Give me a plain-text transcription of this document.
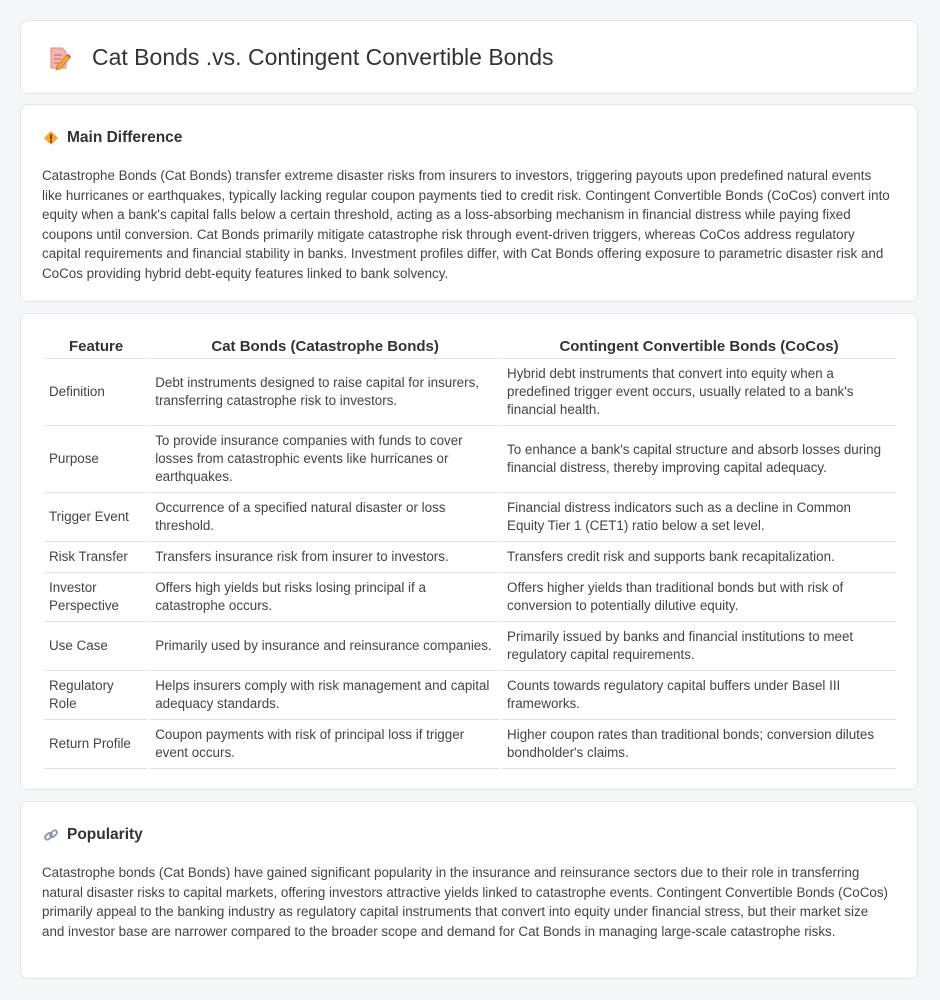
Cat Bonds .vs. Contingent Convertible Bonds
Main Difference

Catastrophe Bonds (Cat Bonds) transfer extreme disaster risks from insurers to investors, triggering payouts upon predefined natural events like hurricanes or earthquakes, typically lacking regular coupon payments tied to credit risk. Contingent Convertible Bonds (CoCos) convert into equity when a bank's capital falls below a certain threshold, acting as a loss-absorbing mechanism in financial distress while paying fixed coupons until conversion. Cat Bonds primarily mitigate catastrophe risk through event-driven triggers, whereas CoCos address regulatory capital requirements and financial stability in banks. Investment profiles differ, with Cat Bonds offering exposure to parametric disaster risk and CoCos providing hybrid debt-equity features linked to bank solvency.

Feature	Cat Bonds (Catastrophe Bonds)	Contingent Convertible Bonds (CoCos)
Definition	Debt instruments designed to raise capital for insurers, transferring catastrophe risk to investors.	Hybrid debt instruments that convert into equity when a predefined trigger event occurs, usually related to a bank's financial health.
Purpose	To provide insurance companies with funds to cover losses from catastrophic events like hurricanes or earthquakes.	To enhance a bank's capital structure and absorb losses during financial distress, thereby improving capital adequacy.
Trigger Event	Occurrence of a specified natural disaster or loss threshold.	Financial distress indicators such as a decline in Common Equity Tier 1 (CET1) ratio below a set level.
Risk Transfer	Transfers insurance risk from insurer to investors.	Transfers credit risk and supports bank recapitalization.
Investor Perspective	Offers high yields but risks losing principal if a catastrophe occurs.	Offers higher yields than traditional bonds but with risk of conversion to potentially dilutive equity.
Use Case	Primarily used by insurance and reinsurance companies.	Primarily issued by banks and financial institutions to meet regulatory capital requirements.
Regulatory Role	Helps insurers comply with risk management and capital adequacy standards.	Counts towards regulatory capital buffers under Basel III frameworks.
Return Profile	Coupon payments with risk of principal loss if trigger event occurs.	Higher coupon rates than traditional bonds; conversion dilutes bondholder's claims.
Popularity

Catastrophe bonds (Cat Bonds) have gained significant popularity in the insurance and reinsurance sectors due to their role in transferring natural disaster risks to capital markets, offering investors attractive yields linked to catastrophe events. Contingent Convertible Bonds (CoCos) primarily appeal to the banking industry as regulatory capital instruments that convert into equity under financial stress, but their market size and investor base are narrower compared to the broader scope and demand for Cat Bonds in managing large-scale catastrophe risks.
